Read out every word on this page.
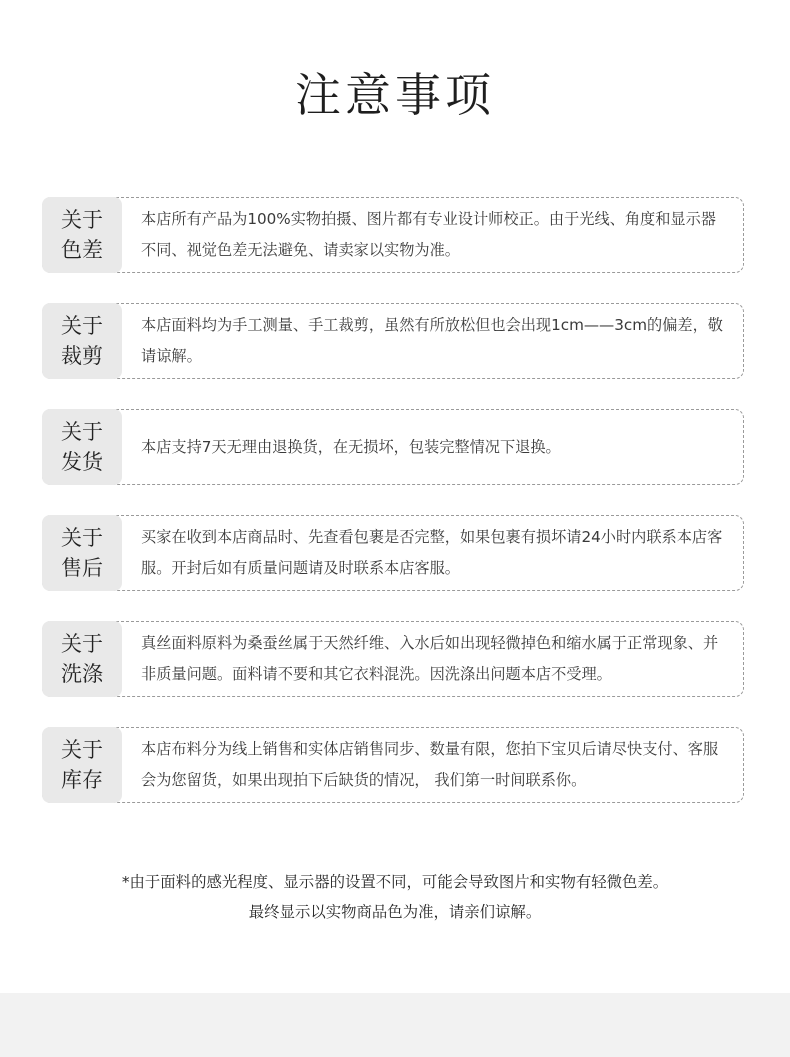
注意事项
关于
色差
本店所有产品为100%实物拍摄、图片都有专业设计师校正。由于光线、角度和显示器不同、视觉色差无法避免、请卖家以实物为准。
关于
裁剪
本店面料均为手工测量、手工裁剪，虽然有所放松但也会出现1cm——3cm的偏差，敬请谅解。
关于
发货
本店支持7天无理由退换货，在无损坏，包装完整情况下退换。
关于
售后
买家在收到本店商品时、先查看包裹是否完整，如果包裹有损坏请24小时内联系本店客服。开封后如有质量问题请及时联系本店客服。
关于
洗涤
真丝面料原料为桑蚕丝属于天然纤维、入水后如出现轻微掉色和缩水属于正常现象、并非质量问题。面料请不要和其它衣料混洗。因洗涤出问题本店不受理。
关于
库存
本店布料分为线上销售和实体店销售同步、数量有限，您拍下宝贝后请尽快支付、客服会为您留货，如果出现拍下后缺货的情况， 我们第一时间联系你。
*由于面料的感光程度、显示器的设置不同，可能会导致图片和实物有轻微色差。
最终显示以实物商品色为准，请亲们谅解。
